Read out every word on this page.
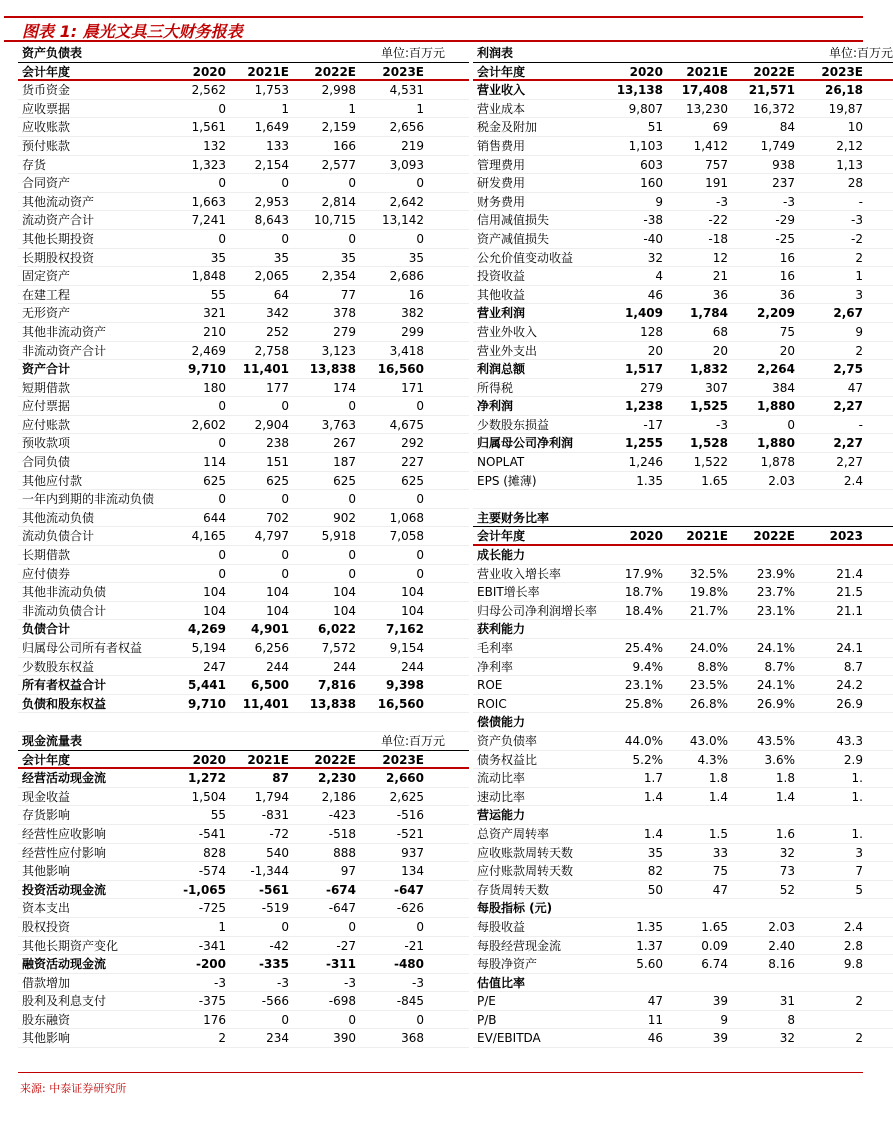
图表 1: 晨光文具三大财务报表
资产负债表	单位:百万元
会计年度	2020	2021E	2022E	2023E
货币资金	2,562	1,753	2,998	4,531
应收票据	0	1	1	1
应收账款	1,561	1,649	2,159	2,656
预付账款	132	133	166	219
存货	1,323	2,154	2,577	3,093
合同资产	0	0	0	0
其他流动资产	1,663	2,953	2,814	2,642
流动资产合计	7,241	8,643	10,715	13,142
其他长期投资	0	0	0	0
长期股权投资	35	35	35	35
固定资产	1,848	2,065	2,354	2,686
在建工程	55	64	77	16
无形资产	321	342	378	382
其他非流动资产	210	252	279	299
非流动资产合计	2,469	2,758	3,123	3,418
资产合计	9,710	11,401	13,838	16,560
短期借款	180	177	174	171
应付票据	0	0	0	0
应付账款	2,602	2,904	3,763	4,675
预收款项	0	238	267	292
合同负债	114	151	187	227
其他应付款	625	625	625	625
一年内到期的非流动负债	0	0	0	0
其他流动负债	644	702	902	1,068
流动负债合计	4,165	4,797	5,918	7,058
长期借款	0	0	0	0
应付债券	0	0	0	0
其他非流动负债	104	104	104	104
非流动负债合计	104	104	104	104
负债合计	4,269	4,901	6,022	7,162
归属母公司所有者权益	5,194	6,256	7,572	9,154
少数股东权益	247	244	244	244
所有者权益合计	5,441	6,500	7,816	9,398
负债和股东权益	9,710	11,401	13,838	16,560
现金流量表	单位:百万元
会计年度	2020	2021E	2022E	2023E
经营活动现金流	1,272	87	2,230	2,660
现金收益	1,504	1,794	2,186	2,625
存货影响	55	-831	-423	-516
经营性应收影响	-541	-72	-518	-521
经营性应付影响	828	540	888	937
其他影响	-574	-1,344	97	134
投资活动现金流	-1,065	-561	-674	-647
资本支出	-725	-519	-647	-626
股权投资	1	0	0	0
其他长期资产变化	-341	-42	-27	-21
融资活动现金流	-200	-335	-311	-480
借款增加	-3	-3	-3	-3
股利及利息支付	-375	-566	-698	-845
股东融资	176	0	0	0
其他影响	2	234	390	368
利润表	单位:百万元
会计年度	2020	2021E	2022E	2023E
营业收入	13,138	17,408	21,571	26,18
营业成本	9,807	13,230	16,372	19,87
税金及附加	51	69	84	10
销售费用	1,103	1,412	1,749	2,12
管理费用	603	757	938	1,13
研发费用	160	191	237	28
财务费用	9	-3	-3	-
信用减值损失	-38	-22	-29	-3
资产减值损失	-40	-18	-25	-2
公允价值变动收益	32	12	16	2
投资收益	4	21	16	1
其他收益	46	36	36	3
营业利润	1,409	1,784	2,209	2,67
营业外收入	128	68	75	9
营业外支出	20	20	20	2
利润总额	1,517	1,832	2,264	2,75
所得税	279	307	384	47
净利润	1,238	1,525	1,880	2,27
少数股东损益	-17	-3	0	-
归属母公司净利润	1,255	1,528	1,880	2,27
NOPLAT	1,246	1,522	1,878	2,27
EPS (摊薄)	1.35	1.65	2.03	2.4
主要财务比率
会计年度	2020	2021E	2022E	2023
成长能力
营业收入增长率	17.9%	32.5%	23.9%	21.4
EBIT增长率	18.7%	19.8%	23.7%	21.5
归母公司净利润增长率	18.4%	21.7%	23.1%	21.1
获利能力
毛利率	25.4%	24.0%	24.1%	24.1
净利率	9.4%	8.8%	8.7%	8.7
ROE	23.1%	23.5%	24.1%	24.2
ROIC	25.8%	26.8%	26.9%	26.9
偿债能力
资产负债率	44.0%	43.0%	43.5%	43.3
债务权益比	5.2%	4.3%	3.6%	2.9
流动比率	1.7	1.8	1.8	1.
速动比率	1.4	1.4	1.4	1.
营运能力
总资产周转率	1.4	1.5	1.6	1.
应收账款周转天数	35	33	32	3
应付账款周转天数	82	75	73	7
存货周转天数	50	47	52	5
每股指标 (元)
每股收益	1.35	1.65	2.03	2.4
每股经营现金流	1.37	0.09	2.40	2.8
每股净资产	5.60	6.74	8.16	9.8
估值比率
P/E	47	39	31	2
P/B	11	9	8
EV/EBITDA	46	39	32	2
来源: 中泰证券研究所
